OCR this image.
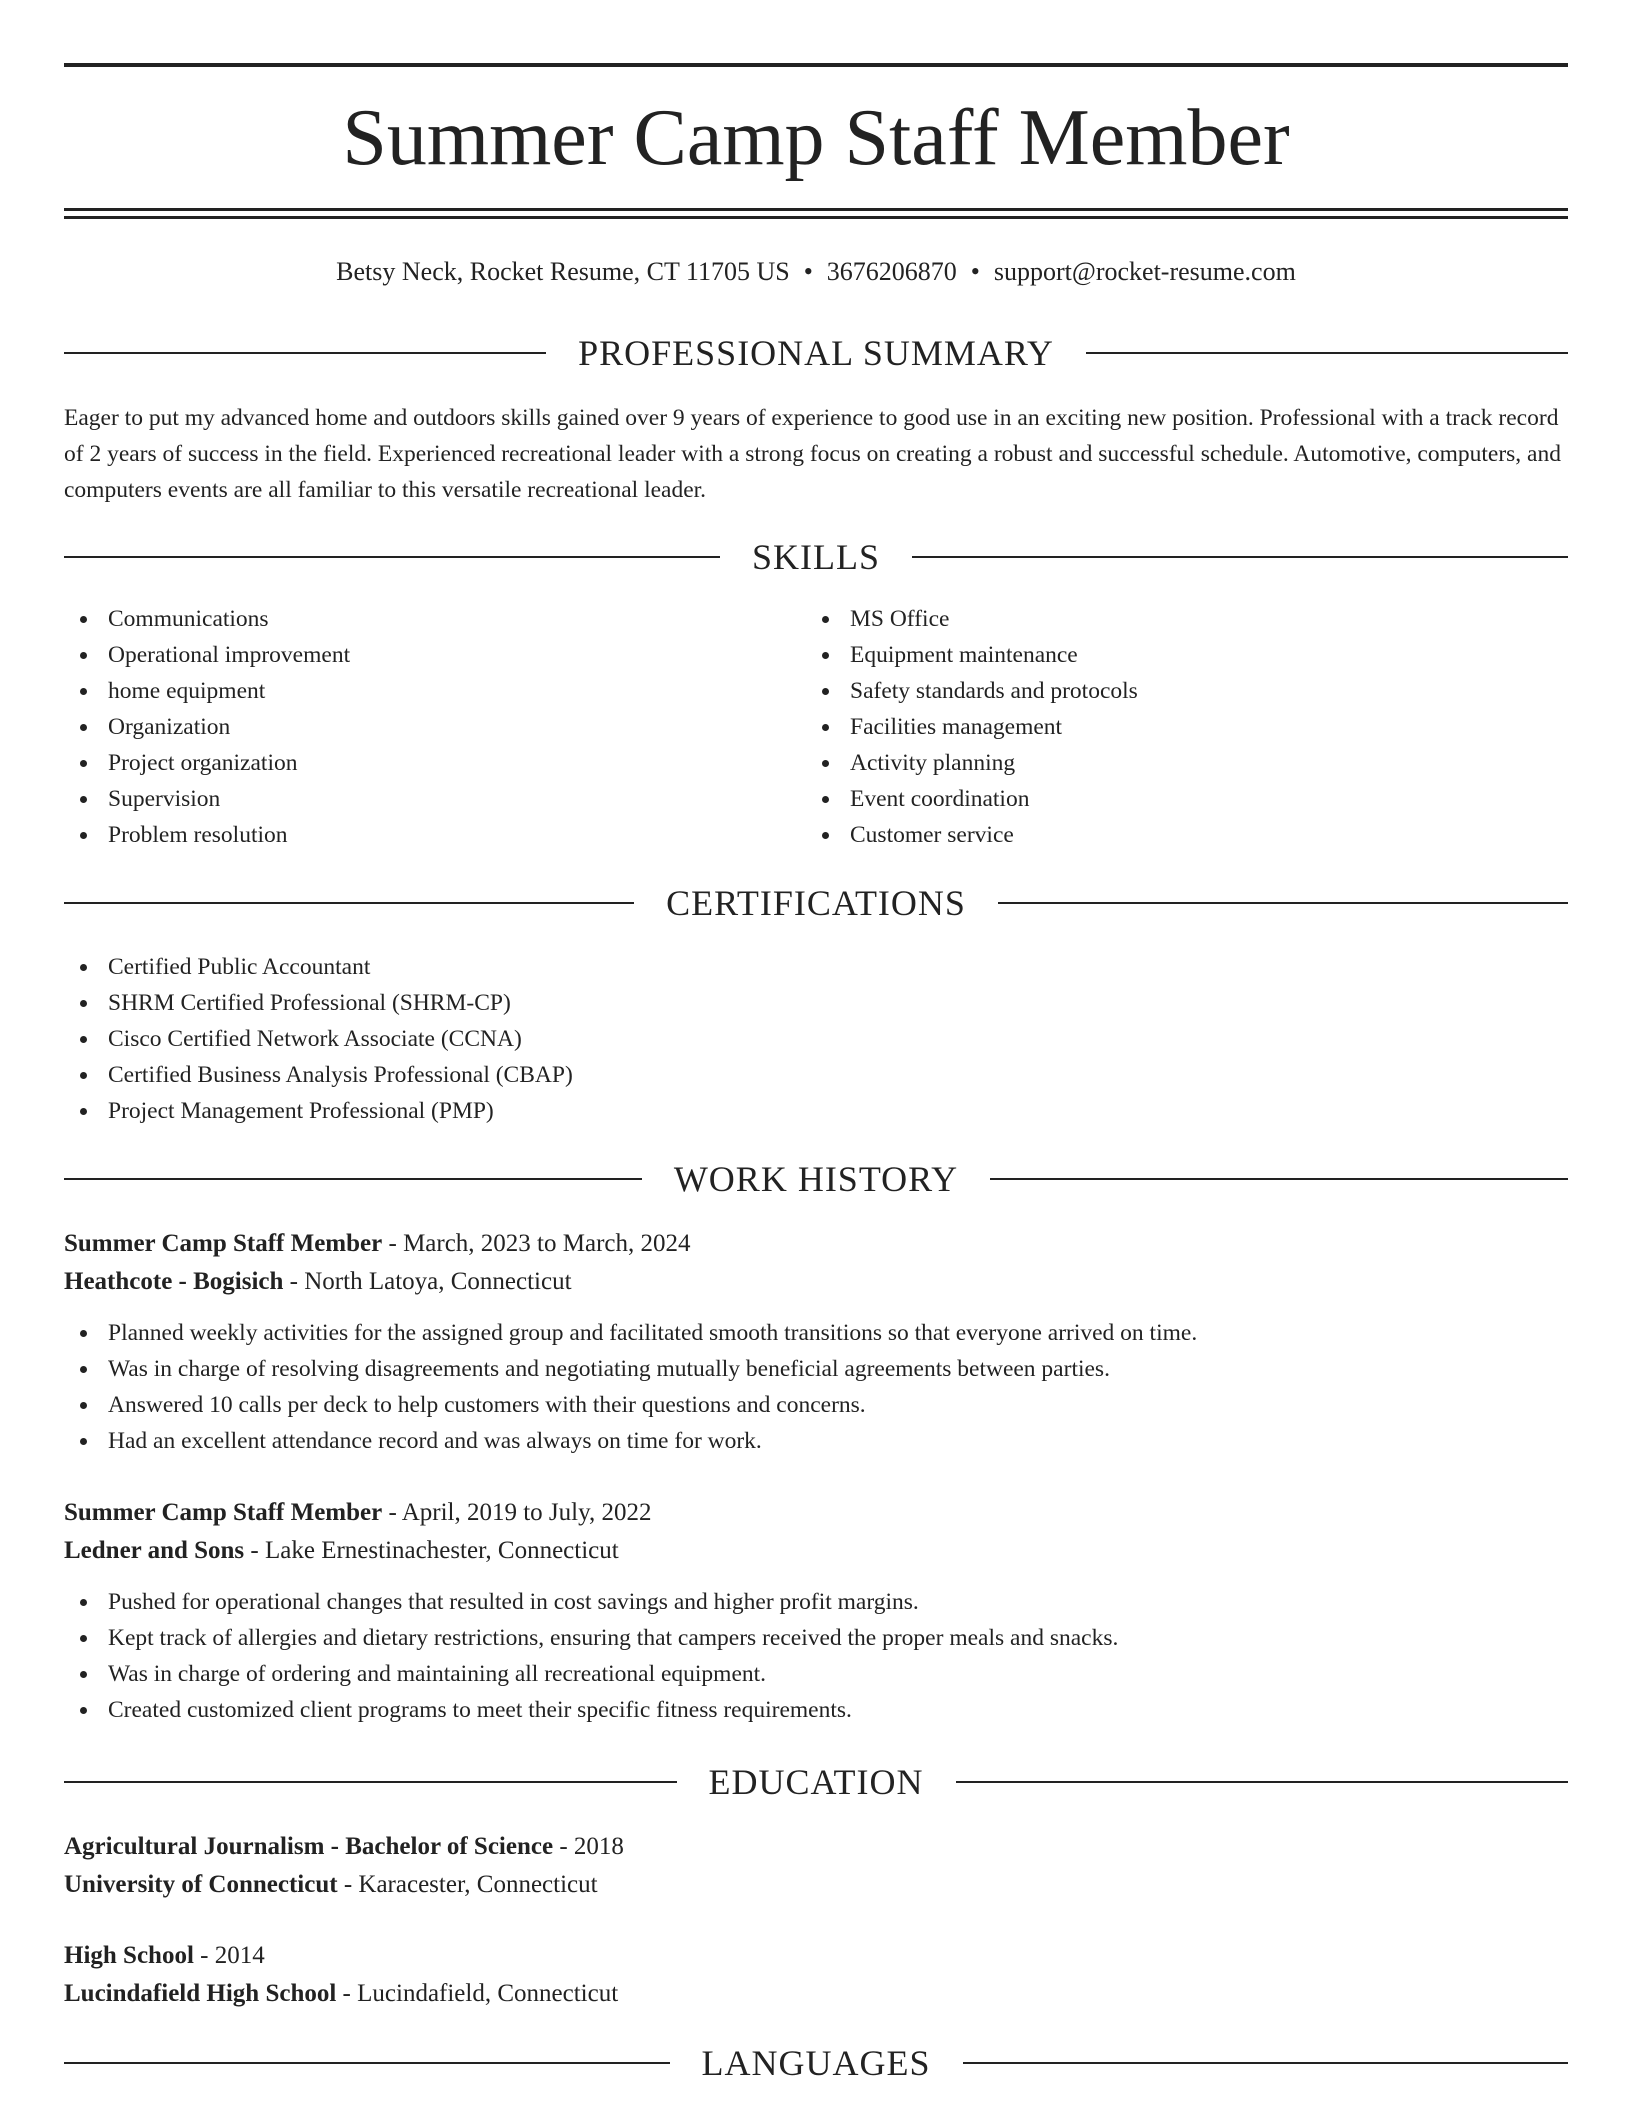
Summer Camp Staff Member
Betsy Neck, Rocket Resume, CT 11705 US • 3676206870 • support@rocket-resume.com
PROFESSIONAL SUMMARY

Eager to put my advanced home and outdoors skills gained over 9 years of experience to good use in an exciting new position. Professional with a track record of 2 years of success in the field. Experienced recreational leader with a strong focus on creating a robust and successful schedule. Automotive, computers, and computers events are all familiar to this versatile recreational leader.

SKILLS
Communications
Operational improvement
home equipment
Organization
Project organization
Supervision
Problem resolution
MS Office
Equipment maintenance
Safety standards and protocols
Facilities management
Activity planning
Event coordination
Customer service
CERTIFICATIONS
Certified Public Accountant
SHRM Certified Professional (SHRM-CP)
Cisco Certified Network Associate (CCNA)
Certified Business Analysis Professional (CBAP)
Project Management Professional (PMP)
WORK HISTORY
Summer Camp Staff Member - March, 2023 to March, 2024
Heathcote - Bogisich - North Latoya, Connecticut
Planned weekly activities for the assigned group and facilitated smooth transitions so that everyone arrived on time.
Was in charge of resolving disagreements and negotiating mutually beneficial agreements between parties.
Answered 10 calls per deck to help customers with their questions and concerns.
Had an excellent attendance record and was always on time for work.
Summer Camp Staff Member - April, 2019 to July, 2022
Ledner and Sons - Lake Ernestinachester, Connecticut
Pushed for operational changes that resulted in cost savings and higher profit margins.
Kept track of allergies and dietary restrictions, ensuring that campers received the proper meals and snacks.
Was in charge of ordering and maintaining all recreational equipment.
Created customized client programs to meet their specific fitness requirements.
EDUCATION
Agricultural Journalism - Bachelor of Science - 2018
University of Connecticut - Karacester, Connecticut
High School - 2014
Lucindafield High School - Lucindafield, Connecticut
LANGUAGES
